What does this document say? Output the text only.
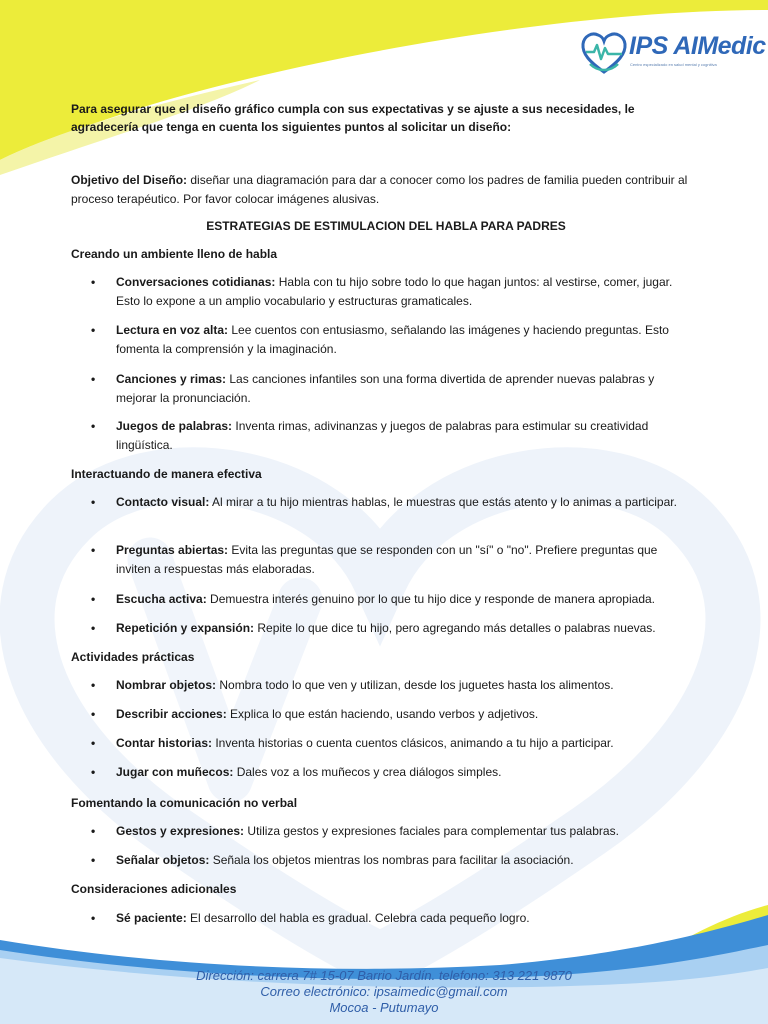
IPS AIMedic
Centro especializado en salud mental y cognitiva
Para asegurar que el diseño gráfico cumpla con sus expectativas y se ajuste a sus necesidades, le agradecería que tenga en cuenta los siguientes puntos al solicitar un diseño:
Objetivo del Diseño: diseñar una diagramación para dar a conocer como los padres de familia pueden contribuir al proceso terapéutico. Por favor colocar imágenes alusivas.
ESTRATEGIAS DE ESTIMULACION DEL HABLA PARA PADRES
Creando un ambiente lleno de habla
• Conversaciones cotidianas: Habla con tu hijo sobre todo lo que hagan juntos: al vestirse, comer, jugar. Esto lo expone a un amplio vocabulario y estructuras gramaticales.
• Lectura en voz alta: Lee cuentos con entusiasmo, señalando las imágenes y haciendo preguntas. Esto fomenta la comprensión y la imaginación.
• Canciones y rimas: Las canciones infantiles son una forma divertida de aprender nuevas palabras y mejorar la pronunciación.
• Juegos de palabras: Inventa rimas, adivinanzas y juegos de palabras para estimular su creatividad lingüística.
Interactuando de manera efectiva
• Contacto visual: Al mirar a tu hijo mientras hablas, le muestras que estás atento y lo animas a participar.
• Preguntas abiertas: Evita las preguntas que se responden con un "sí" o "no". Prefiere preguntas que inviten a respuestas más elaboradas.
• Escucha activa: Demuestra interés genuino por lo que tu hijo dice y responde de manera apropiada.
• Repetición y expansión: Repite lo que dice tu hijo, pero agregando más detalles o palabras nuevas.
Actividades prácticas
• Nombrar objetos: Nombra todo lo que ven y utilizan, desde los juguetes hasta los alimentos.
• Describir acciones: Explica lo que están haciendo, usando verbos y adjetivos.
• Contar historias: Inventa historias o cuenta cuentos clásicos, animando a tu hijo a participar.
• Jugar con muñecos: Dales voz a los muñecos y crea diálogos simples.
Fomentando la comunicación no verbal
• Gestos y expresiones: Utiliza gestos y expresiones faciales para complementar tus palabras.
• Señalar objetos: Señala los objetos mientras los nombras para facilitar la asociación.
Consideraciones adicionales
• Sé paciente: El desarrollo del habla es gradual. Celebra cada pequeño logro.
Dirección: carrera 7# 15-07 Barrio Jardín. telefono: 313 221 9870
Correo electrónico: ipsaimedic@gmail.com
Mocoa - Putumayo
